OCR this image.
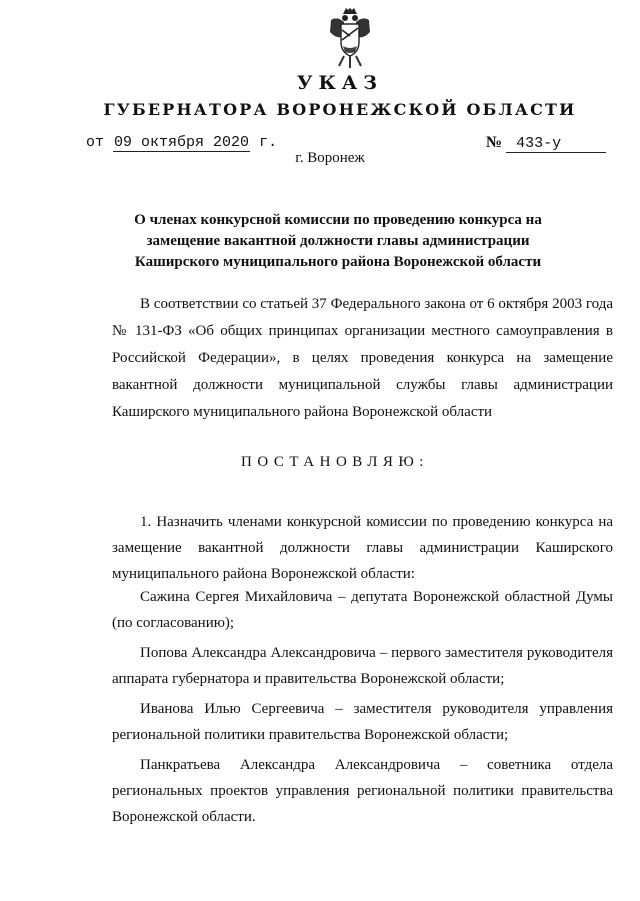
УКАЗ
ГУБЕРНАТОРА ВОРОНЕЖСКОЙ ОБЛАСТИ
от 09 октября 2020 г.	№ 433-у
г. Воронеж
О членах конкурсной комиссии по проведению конкурса на замещение вакантной должности главы администрации Каширского муниципального района Воронежской области
В соответствии со статьей 37 Федерального закона от 6 октября 2003 года № 131-ФЗ «Об общих принципах организации местного самоуправления в Российской Федерации», в целях проведения конкурса на замещение вакантной должности муниципальной службы главы администрации Каширского муниципального района Воронежской области
ПОСТАНОВЛЯЮ:
1. Назначить членами конкурсной комиссии по проведению конкурса на замещение вакантной должности главы администрации Каширского муниципального района Воронежской области:
Сажина Сергея Михайловича – депутата Воронежской областной Думы (по согласованию);
Попова Александра Александровича – первого заместителя руководителя аппарата губернатора и правительства Воронежской области;
Иванова Илью Сергеевича – заместителя руководителя управления региональной политики правительства Воронежской области;
Панкратьева Александра Александровича – советника отдела региональных проектов управления региональной политики правительства Воронежской области.
